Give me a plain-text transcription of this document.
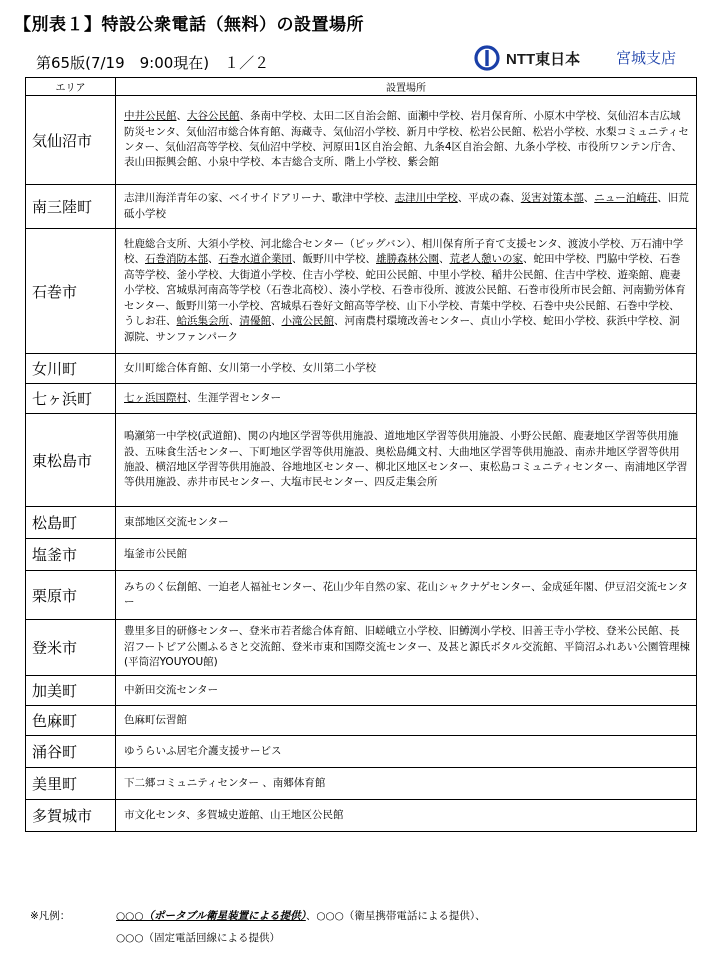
【別表１】特設公衆電話（無料）の設置場所
第65版(7/19　9:00現在)　１／２	NTT東日本 宮城支店
エリア	設置場所
気仙沼市	中井公民館、大谷公民館、条南中学校、太田二区自治会館、面瀬中学校、岩月保育所、小原木中学校、気仙沼本吉広域防災センタ、気仙沼市総合体育館、海蔵寺、気仙沼小学校、新月中学校、松岩公民館、松岩小学校、水梨コミュニティセンター、気仙沼高等学校、気仙沼中学校、河原田1区自治会館、九条4区自治会館、九条小学校、市役所ワンテン庁舎、表山田振興会館、小泉中学校、本吉総合支所、階上小学校、紫会館
南三陸町	志津川海洋青年の家、ベイサイドアリーナ、歌津中学校、志津川中学校、平成の森、災害対策本部、ニュー泊崎荘、旧荒砥小学校
石巻市	牡鹿総合支所、大須小学校、河北総合センター（ビッグバン）、相川保育所子育て支援センタ、渡波小学校、万石浦中学校、石巻消防本部、石巻水道企業団、飯野川中学校、雄勝森林公園、荒老人憩いの家、蛇田中学校、門脇中学校、石巻高等学校、釜小学校、大街道小学校、住吉小学校、蛇田公民館、中里小学校、稲井公民館、住吉中学校、遊楽館、鹿妻小学校、宮城県河南高等学校（石巻北高校）、湊小学校、石巻市役所、渡波公民館、石巻市役所市民会館、河南勤労体育センター、飯野川第一小学校、宮城県石巻好文館高等学校、山下小学校、青葉中学校、石巻中央公民館、石巻中学校、うしお荘、蛤浜集会所、清優館、小滝公民館、河南農村環境改善センター、貞山小学校、蛇田小学校、荻浜中学校、洞源院、サンファンパーク
女川町	女川町総合体育館、女川第一小学校、女川第二小学校
七ヶ浜町	七ヶ浜国際村、生涯学習センター
東松島市	鳴瀬第一中学校(武道館)、関の内地区学習等供用施設、道地地区学習等供用施設、小野公民館、鹿妻地区学習等供用施設、五味食生活センター、下町地区学習等供用施設、奥松島縄文村、大曲地区学習等供用施設、南赤井地区学習等供用施設、横沼地区学習等供用施設、谷地地区センター、柳北区地区センター、東松島コミュニティセンター、南浦地区学習等供用施設、赤井市民センター、大塩市民センター、四反走集会所
松島町	東部地区交流センター
塩釜市	塩釜市公民館
栗原市	みちのく伝創館、一迫老人福祉センター、花山少年自然の家、花山シャクナゲセンター、金成延年閣、伊豆沼交流センター
登米市	豊里多目的研修センター、登米市若者総合体育館、旧嵯峨立小学校、旧鱒渕小学校、旧善王寺小学校、登米公民館、長沼フートピア公園ふるさと交流館、登米市東和国際交流センター、及甚と源氏ボタル交流館、平筒沼ふれあい公園管理棟(平筒沼YOUYOU館)
加美町	中新田交流センター
色麻町	色麻町伝習館
涌谷町	ゆうらいふ居宅介護支援サービス
美里町	下二郷コミュニティセンター 、南郷体育館
多賀城市	市文化センタ、多賀城史遊館、山王地区公民館
※凡例：	○○○（ポータブル衛星装置による提供）、○○○（衛星携帯電話による提供）、
○○○（固定電話回線による提供）
